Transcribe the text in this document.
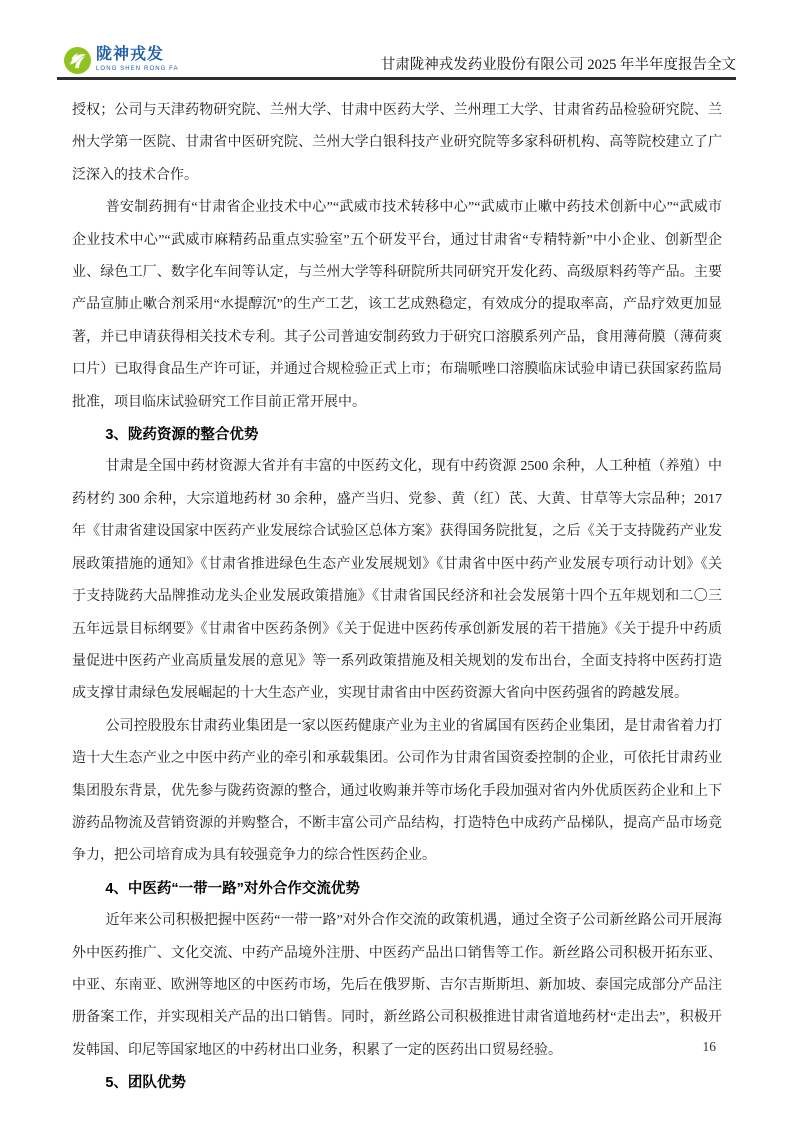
陇神戎发
LONG SHEN RONG FA	甘肃陇神戎发药业股份有限公司 2025 年半年度报告全文

授权；公司与天津药物研究院、兰州大学、甘肃中医药大学、兰州理工大学、甘肃省药品检验研究院、兰州大学第一医院、甘肃省中医研究院、兰州大学白银科技产业研究院等多家科研机构、高等院校建立了广泛深入的技术合作。

普安制药拥有“甘肃省企业技术中心”“武威市技术转移中心”“武威市止嗽中药技术创新中心”“武威市企业技术中心”“武威市麻精药品重点实验室”五个研发平台，通过甘肃省“专精特新”中小企业、创新型企业、绿色工厂、数字化车间等认定，与兰州大学等科研院所共同研究开发化药、高级原料药等产品。主要产品宣肺止嗽合剂采用“水提醇沉”的生产工艺，该工艺成熟稳定，有效成分的提取率高，产品疗效更加显著，并已申请获得相关技术专利。其子公司普迪安制药致力于研究口溶膜系列产品，食用薄荷膜（薄荷爽口片）已取得食品生产许可证，并通过合规检验正式上市；布瑞哌唑口溶膜临床试验申请已获国家药监局批准，项目临床试验研究工作目前正常开展中。

3、陇药资源的整合优势

甘肃是全国中药材资源大省并有丰富的中医药文化，现有中药资源 2500 余种，人工种植（养殖）中药材约 300 余种，大宗道地药材 30 余种，盛产当归、党参、黄（红）芪、大黄、甘草等大宗品种；2017 年《甘肃省建设国家中医药产业发展综合试验区总体方案》获得国务院批复，之后《关于支持陇药产业发展政策措施的通知》《甘肃省推进绿色生态产业发展规划》《甘肃省中医中药产业发展专项行动计划》《关于支持陇药大品牌推动龙头企业发展政策措施》《甘肃省国民经济和社会发展第十四个五年规划和二〇三五年远景目标纲要》《甘肃省中医药条例》《关于促进中医药传承创新发展的若干措施》《关于提升中药质量促进中医药产业高质量发展的意见》等一系列政策措施及相关规划的发布出台，全面支持将中医药打造成支撑甘肃绿色发展崛起的十大生态产业，实现甘肃省由中医药资源大省向中医药强省的跨越发展。

公司控股股东甘肃药业集团是一家以医药健康产业为主业的省属国有医药企业集团，是甘肃省着力打造十大生态产业之中医中药产业的牵引和承载集团。公司作为甘肃省国资委控制的企业，可依托甘肃药业集团股东背景，优先参与陇药资源的整合，通过收购兼并等市场化手段加强对省内外优质医药企业和上下游药品物流及营销资源的并购整合，不断丰富公司产品结构，打造特色中成药产品梯队，提高产品市场竞争力，把公司培育成为具有较强竞争力的综合性医药企业。

4、中医药“一带一路”对外合作交流优势

近年来公司积极把握中医药“一带一路”对外合作交流的政策机遇，通过全资子公司新丝路公司开展海外中医药推广、文化交流、中药产品境外注册、中医药产品出口销售等工作。新丝路公司积极开拓东亚、中亚、东南亚、欧洲等地区的中医药市场，先后在俄罗斯、吉尔吉斯斯坦、新加坡、泰国完成部分产品注册备案工作，并实现相关产品的出口销售。同时，新丝路公司积极推进甘肃省道地药材“走出去”，积极开发韩国、印尼等国家地区的中药材出口业务，积累了一定的医药出口贸易经验。

5、团队优势
16
